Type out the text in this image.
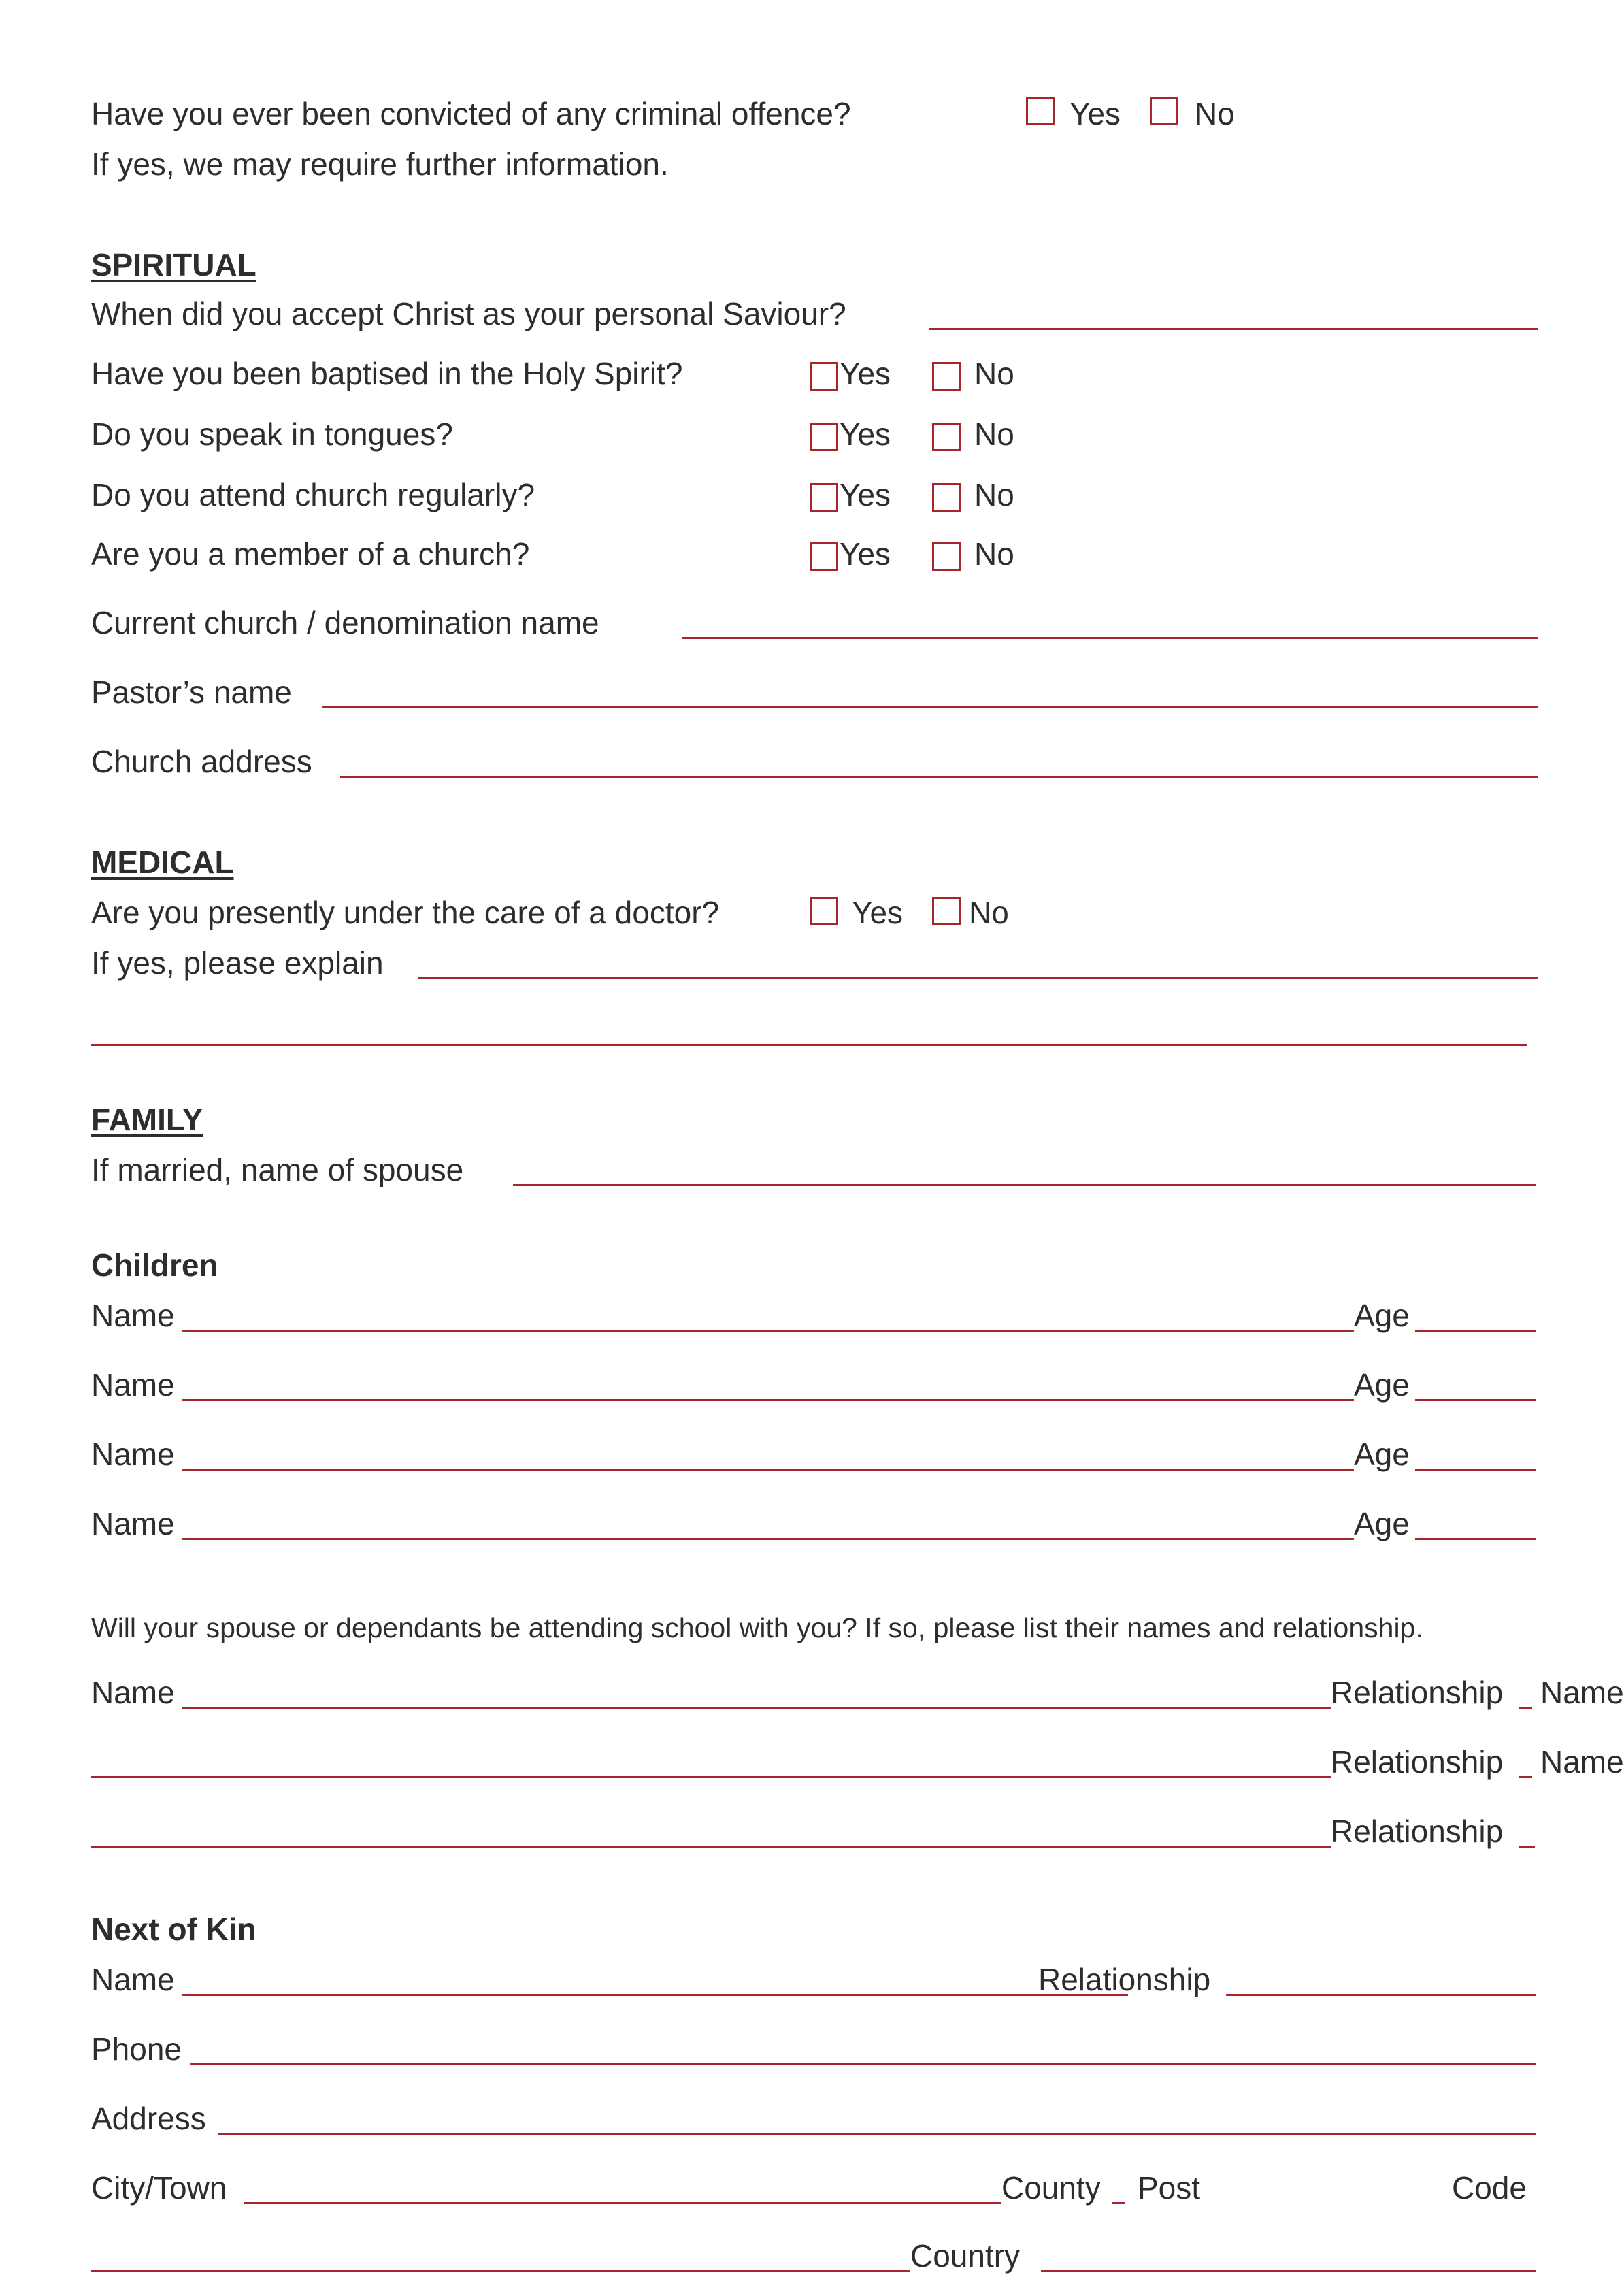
Have you ever been convicted of any criminal offence?	Yes No
If yes, we may require further information.
SPIRITUAL
When did you accept Christ as your personal Saviour?
Have you been baptised in the Holy Spirit?	Yes	No
Do you speak in tongues?	Yes	No
Do you attend church regularly?	Yes	No
Are you a member of a church?	Yes	No
Current church / denomination name
Pastor’s name
Church address
MEDICAL
Are you presently under the care of a doctor?	Yes No
If yes, please explain
FAMILY
If married, name of spouse
Children
Name	Age
Name	Age
Name	Age
Name	Age
Will your spouse or dependants be attending school with you? If so, please list their names and relationship.
Name	Relationship Name
Relationship Name
Relationship
Next of Kin
Name	Relationship
Phone
Address
City/Town	County Post	Code
Country
